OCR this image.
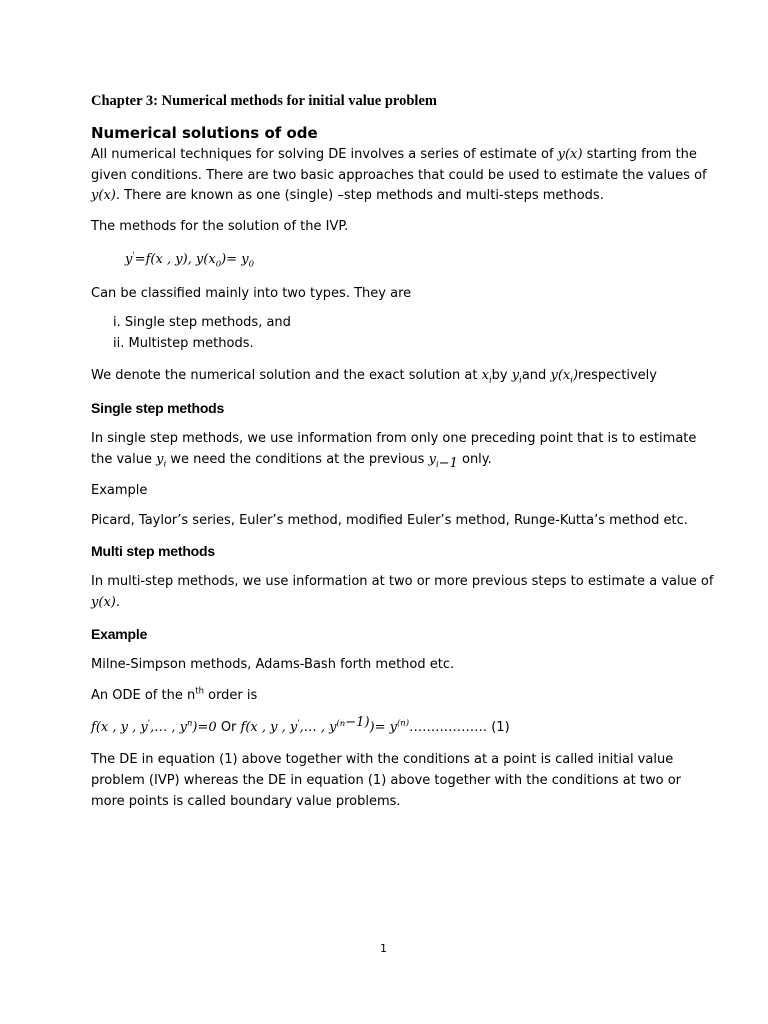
Chapter 3: Numerical methods for initial value problem
Numerical solutions of ode
All numerical techniques for solving DE involves a series of estimate of y(x) starting from the
given conditions. There are two basic approaches that could be used to estimate the values of
y(x). There are known as one (single) –step methods and multi-steps methods.
The methods for the solution of the IVP.
y'=f(x , y), $y(x_0)= y_0$
Can be classified mainly into two types. They are
i. Single step methods, and
ii. Multistep methods.
We denote the numerical solution and the exact solution at $x_iby$ $y_iand$ $y(x_i)respectively$
Single step methods
In single step methods, we use information from only one preceding point that is to estimate
the value $y_i$ we need the conditions at the previous $y_{i-1}$ only.
Example
Picard, Taylor’s series, Euler’s method, modified Euler’s method, Runge-Kutta’s method etc.
Multi step methods
In multi-step methods, we use information at two or more previous steps to estimate a value of
y(x).
Example
Milne-Simpson methods, Adams-Bash forth method etc.
An ODE of the $n^{th}$ order is
f(x , y , y',… , $y^n)=0$ Or f(x , y , y',… , $y^{(n-1)})=$ $y^{(n)}\dots\dots\dots\dots\dots\dots$ (1)
The DE in equation (1) above together with the conditions at a point is called initial value
problem (IVP) whereas the DE in equation (1) above together with the conditions at two or
more points is called boundary value problems.
1
